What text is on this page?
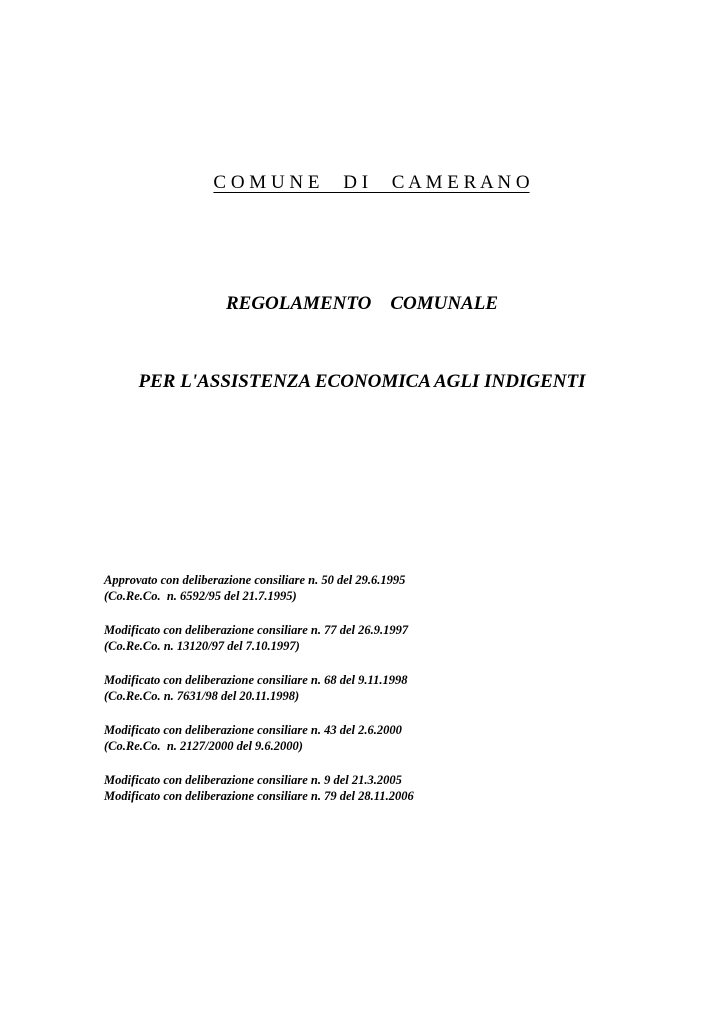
C O M U N E     D I     C A M E R A N O

REGOLAMENTO    COMUNALE
PER L'ASSISTENZA ECONOMICA AGLI INDIGENTI
Approvato con deliberazione consiliare n. 50 del 29.6.1995
(Co.Re.Co.  n. 6592/95 del 21.7.1995)
Modificato con deliberazione consiliare n. 77 del 26.9.1997
(Co.Re.Co. n. 13120/97 del 7.10.1997)
Modificato con deliberazione consiliare n. 68 del 9.11.1998
(Co.Re.Co. n. 7631/98 del 20.11.1998)
Modificato con deliberazione consiliare n. 43 del 2.6.2000
(Co.Re.Co.  n. 2127/2000 del 9.6.2000)
Modificato con deliberazione consiliare n. 9 del 21.3.2005
Modificato con deliberazione consiliare n. 79 del 28.11.2006
